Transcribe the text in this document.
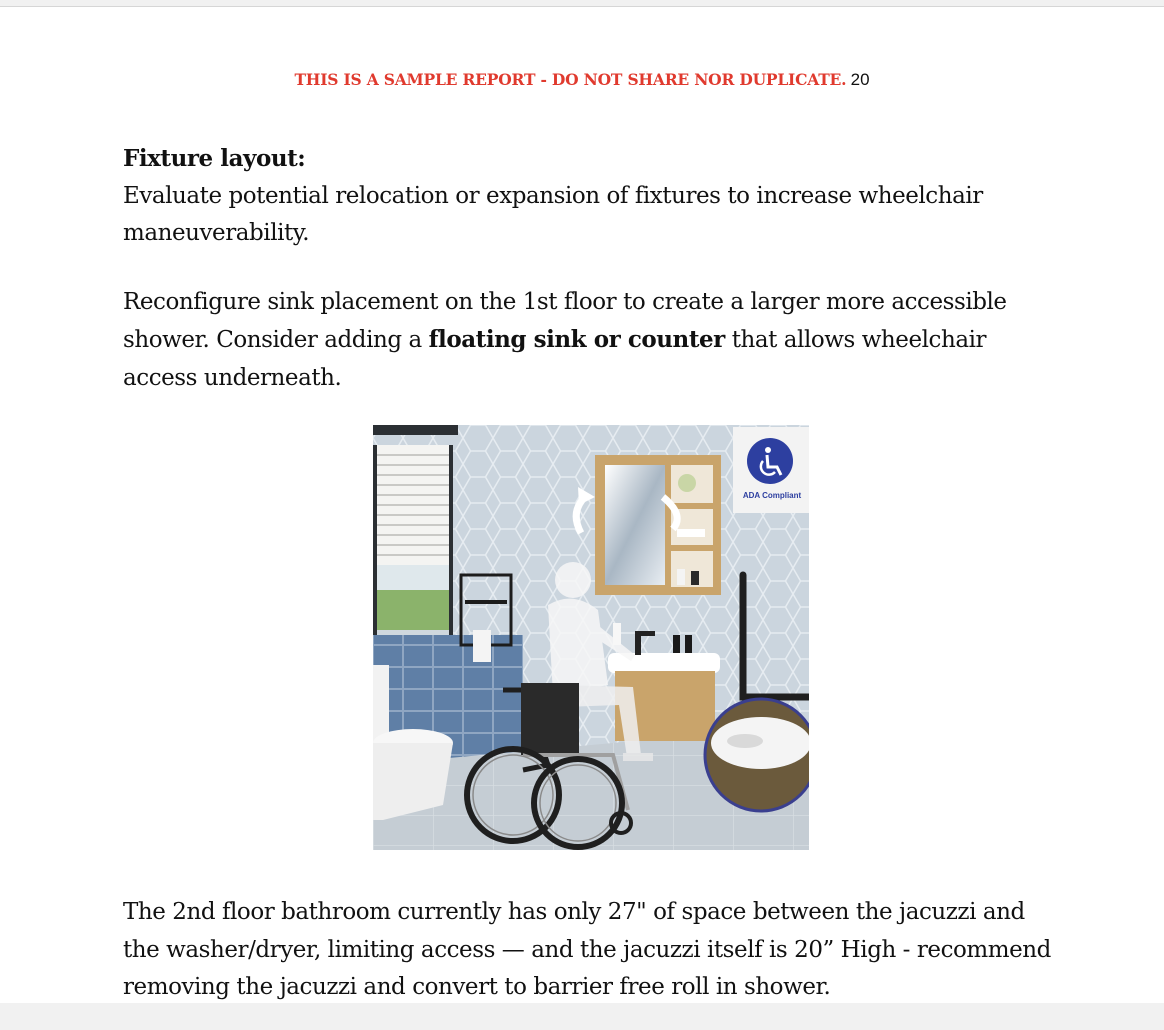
THIS IS A SAMPLE REPORT - DO NOT SHARE NOR DUPLICATE. 20

Fixture layout:

Evaluate potential relocation or expansion of fixtures to increase wheelchair maneuverability.

Reconfigure sink placement on the 1st floor to create a larger more accessible shower. Consider adding a floating sink or counter that allows wheelchair access underneath.

ADA Compliant

The 2nd floor bathroom currently has only 27" of space between the jacuzzi and the washer/dryer, limiting access — and the jacuzzi itself is 20” High - recommend removing the jacuzzi and convert to barrier free roll in shower.
